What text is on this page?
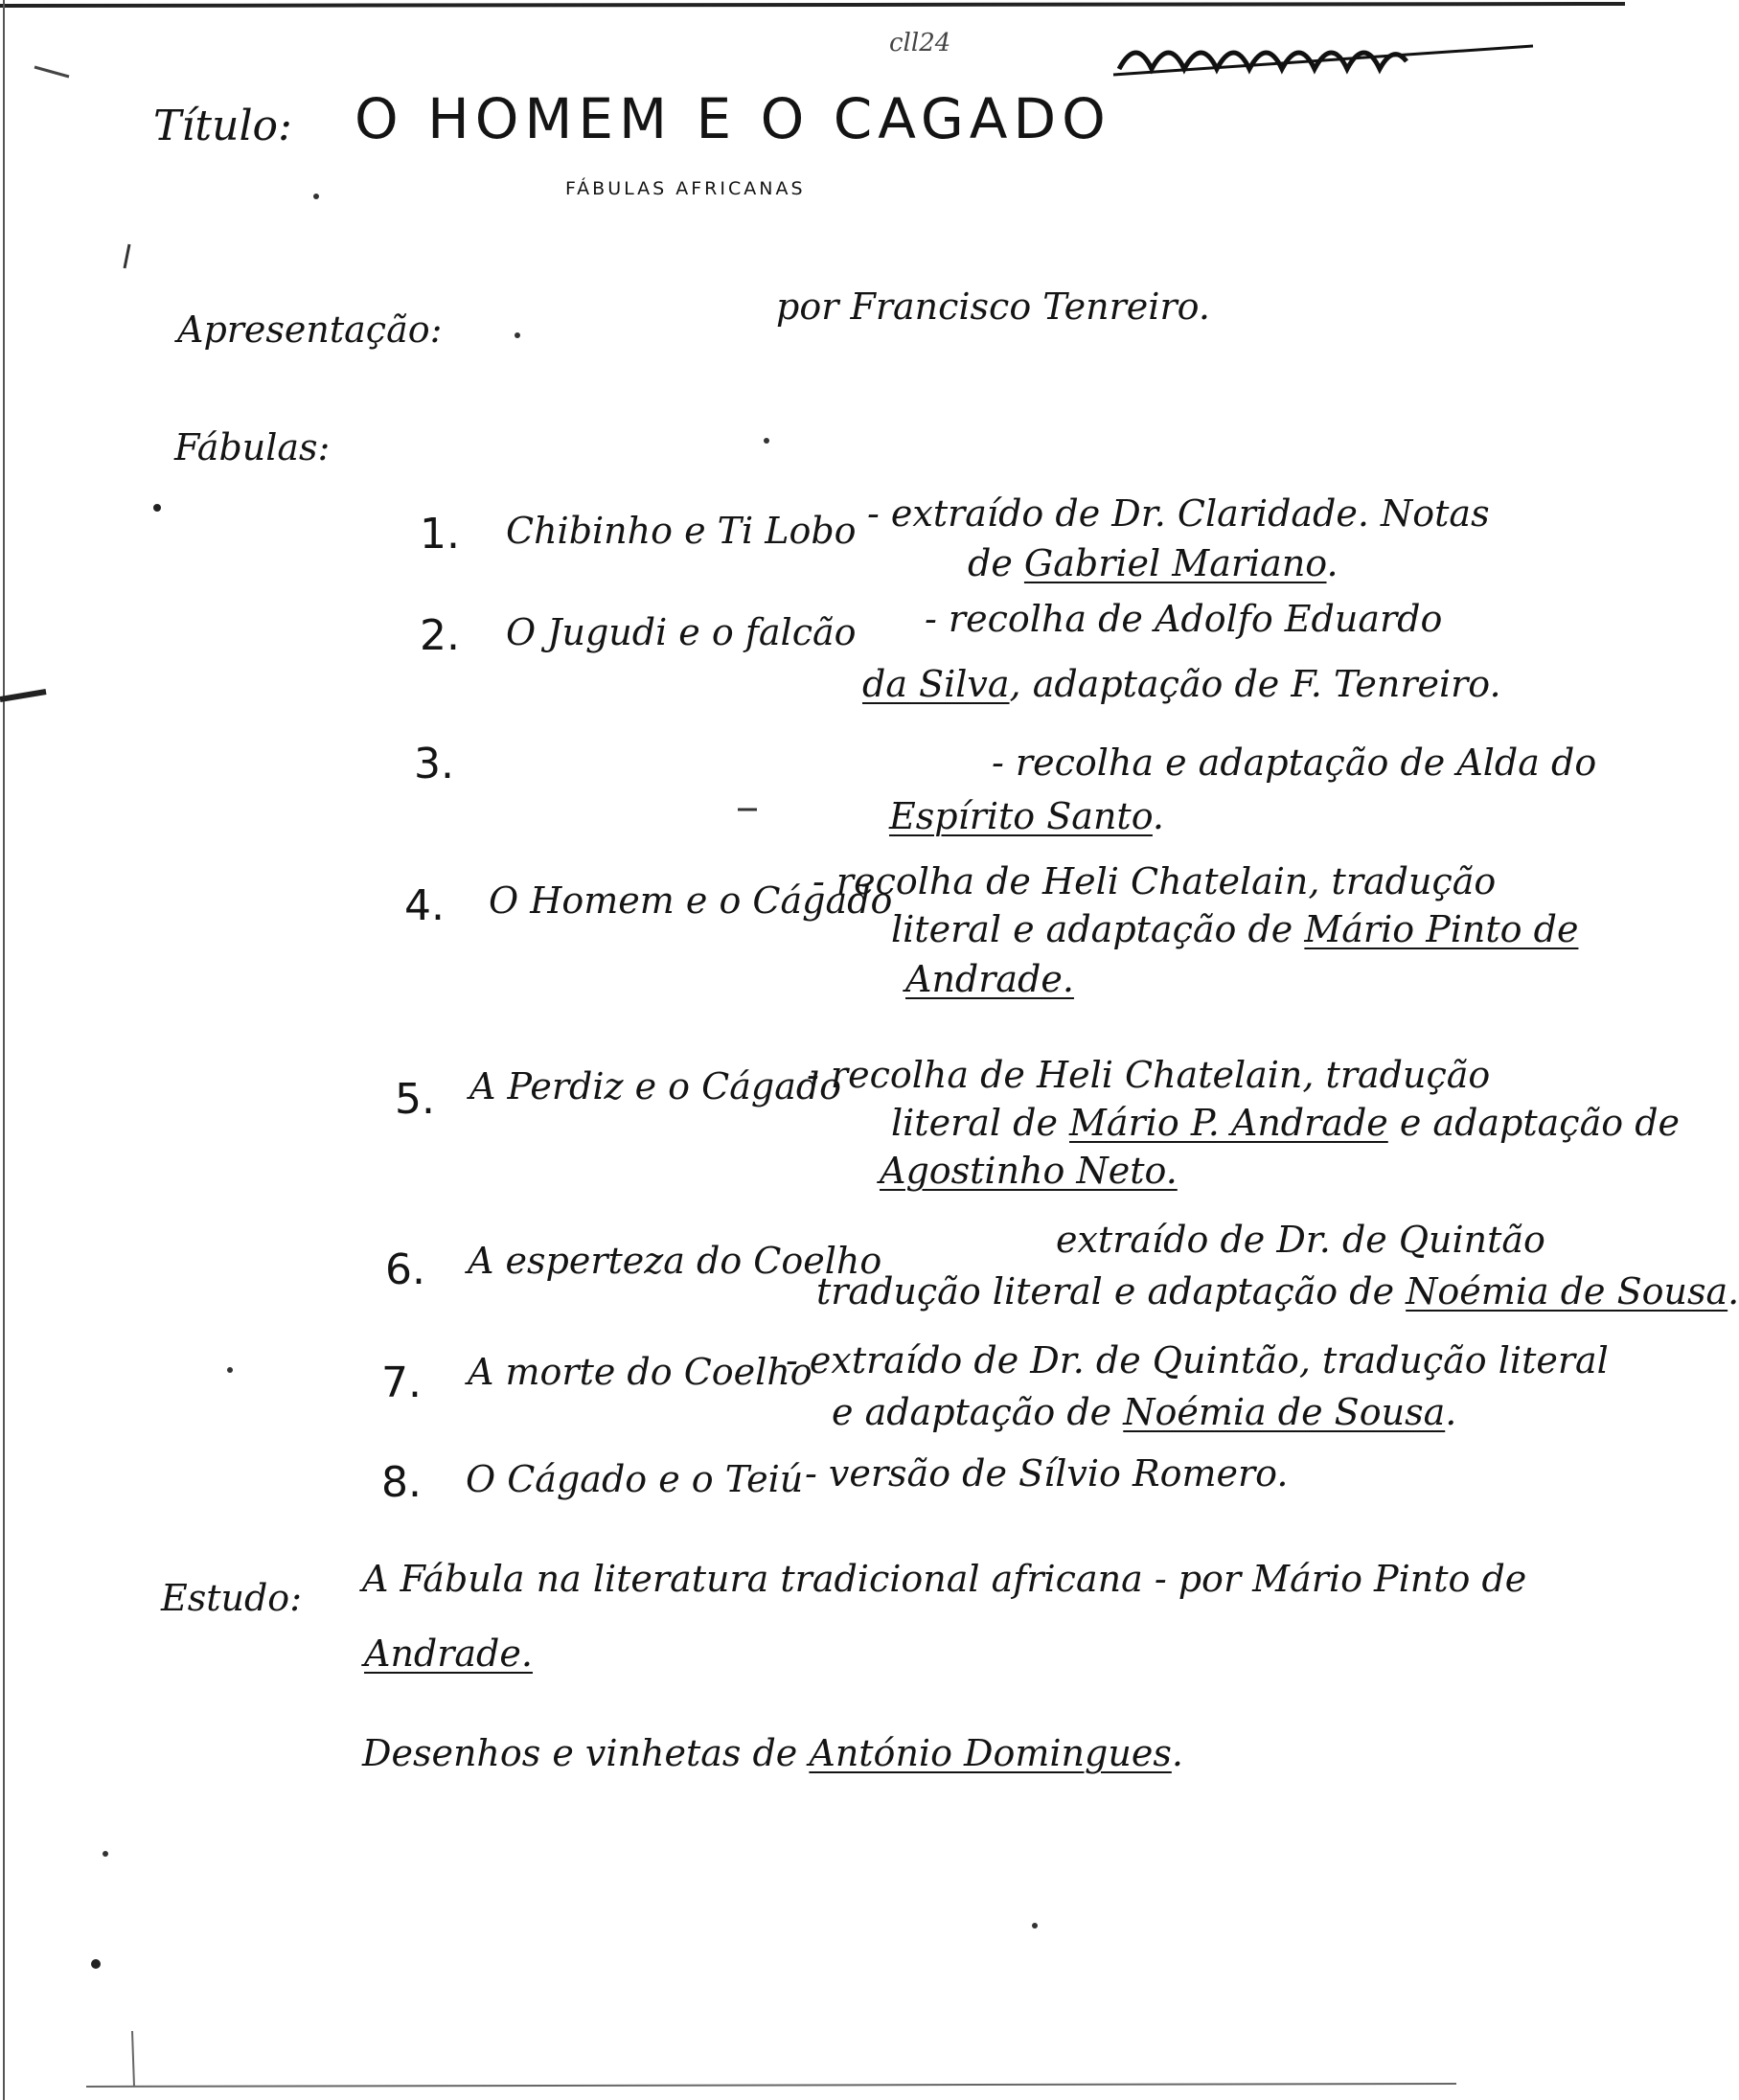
cll24
Título: O HOMEM E O CAGADO
FÁBULAS AFRICANAS
Apresentação:
por Francisco Tenreiro.
Fábulas:
1. Chibinho e Ti Lobo - extraído de Dr. Claridade. Notas
de Gabriel Mariano.
2. O Jugudi e o falcão - recolha de Adolfo Eduardo
da Silva, adaptação de F. Tenreiro.
3.	- recolha e adaptação de Alda do
Espírito Santo.
4. O Homem e o Cágado
- recolha de Heli Chatelain, tradução
literal e adaptação de Mário Pinto de
Andrade.
5. A Perdiz e o Cágado
- recolha de Heli Chatelain, tradução
literal de Mário P. Andrade e adaptação de
Agostinho Neto.
6. A esperteza do Coelho	extraído de Dr. de Quintão
tradução literal e adaptação de Noémia de Sousa.
7. A morte do Coelho
- extraído de Dr. de Quintão, tradução literal
e adaptação de Noémia de Sousa.
8. O Cágado e o Teiú - versão de Sílvio Romero.
Estudo: A Fábula na literatura tradicional africana - por Mário Pinto de
Andrade.
Desenhos e vinhetas de António Domingues.
